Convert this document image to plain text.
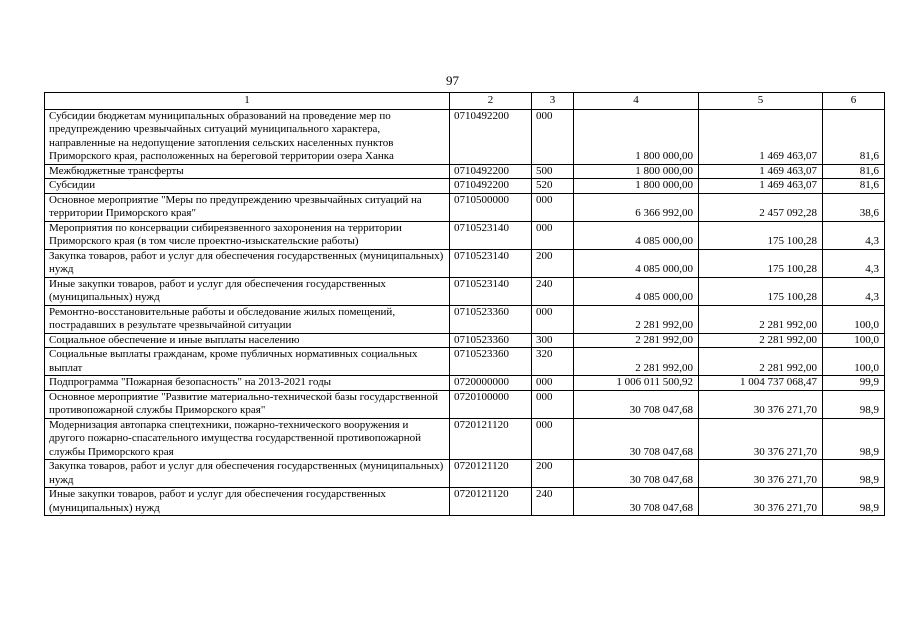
97
1	2	3	4	5	6
Субсидии бюджетам муниципальных образований на проведение мер по предупреждению чрезвычайных ситуаций муниципального характера, направленные на недопущение затопления сельских населенных пунктов Приморского края, расположенных на береговой территории озера Ханка	0710492200	000	1 800 000,00	1 469 463,07	81,6
Межбюджетные трансферты	0710492200	500	1 800 000,00	1 469 463,07	81,6
Субсидии	0710492200	520	1 800 000,00	1 469 463,07	81,6
Основное мероприятие "Меры по предупреждению чрезвычайных ситуаций на территории Приморского края"	0710500000	000	6 366 992,00	2 457 092,28	38,6
Мероприятия по консервации сибиреязвенного захоронения на территории Приморского края (в том числе проектно-изыскательские работы)	0710523140	000	4 085 000,00	175 100,28	4,3
Закупка товаров, работ и услуг для обеспечения государственных (муниципальных) нужд	0710523140	200	4 085 000,00	175 100,28	4,3
Иные закупки товаров, работ и услуг для обеспечения государственных (муниципальных) нужд	0710523140	240	4 085 000,00	175 100,28	4,3
Ремонтно-восстановительные работы и обследование жилых помещений, пострадавших в результате чрезвычайной ситуации	0710523360	000	2 281 992,00	2 281 992,00	100,0
Социальное обеспечение и иные выплаты населению	0710523360	300	2 281 992,00	2 281 992,00	100,0
Социальные выплаты гражданам, кроме публичных нормативных социальных выплат	0710523360	320	2 281 992,00	2 281 992,00	100,0
Подпрограмма "Пожарная безопасность" на 2013-2021 годы	0720000000	000	1 006 011 500,92	1 004 737 068,47	99,9
Основное мероприятие "Развитие материально-технической базы государственной противопожарной службы Приморского края"	0720100000	000	30 708 047,68	30 376 271,70	98,9
Модернизация автопарка спецтехники, пожарно-технического вооружения и другого пожарно-спасательного имущества государственной противопожарной службы Приморского края	0720121120	000	30 708 047,68	30 376 271,70	98,9
Закупка товаров, работ и услуг для обеспечения государственных (муниципальных) нужд	0720121120	200	30 708 047,68	30 376 271,70	98,9
Иные закупки товаров, работ и услуг для обеспечения государственных (муниципальных) нужд	0720121120	240	30 708 047,68	30 376 271,70	98,9
